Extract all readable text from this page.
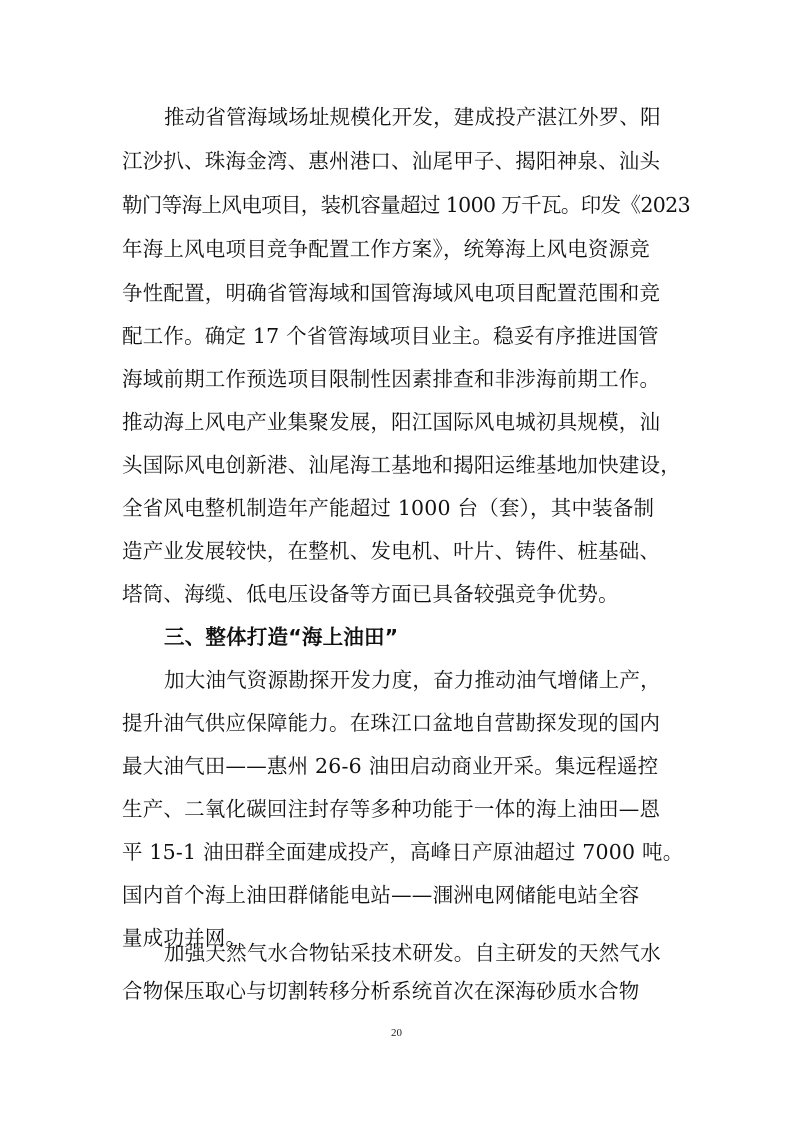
推动省管海域场址规模化开发，建成投产湛江外罗、阳
江沙扒、珠海金湾、惠州港口、汕尾甲子、揭阳神泉、汕头
勒门等海上风电项目，装机容量超过 1000 万千瓦。印发《2023
年海上风电项目竞争配置工作方案》，统筹海上风电资源竞
争性配置，明确省管海域和国管海域风电项目配置范围和竞
配工作。确定 17 个省管海域项目业主。稳妥有序推进国管
海域前期工作预选项目限制性因素排查和非涉海前期工作。
推动海上风电产业集聚发展，阳江国际风电城初具规模，汕
头国际风电创新港、汕尾海工基地和揭阳运维基地加快建设，
全省风电整机制造年产能超过 1000 台（套），其中装备制
造产业发展较快，在整机、发电机、叶片、铸件、桩基础、
塔筒、海缆、低电压设备等方面已具备较强竞争优势。
三、整体打造“海上油田”
加大油气资源勘探开发力度，奋力推动油气增储上产，
提升油气供应保障能力。在珠江口盆地自营勘探发现的国内
最大油气田——惠州 26-6 油田启动商业开采。集远程遥控
生产、二氧化碳回注封存等多种功能于一体的海上油田—恩
平 15-1 油田群全面建成投产，高峰日产原油超过 7000 吨。
国内首个海上油田群储能电站——涠洲电网储能电站全容
量成功并网。
加强天然气水合物钻采技术研发。自主研发的天然气水
20
合物保压取心与切割转移分析系统首次在深海砂质水合物
